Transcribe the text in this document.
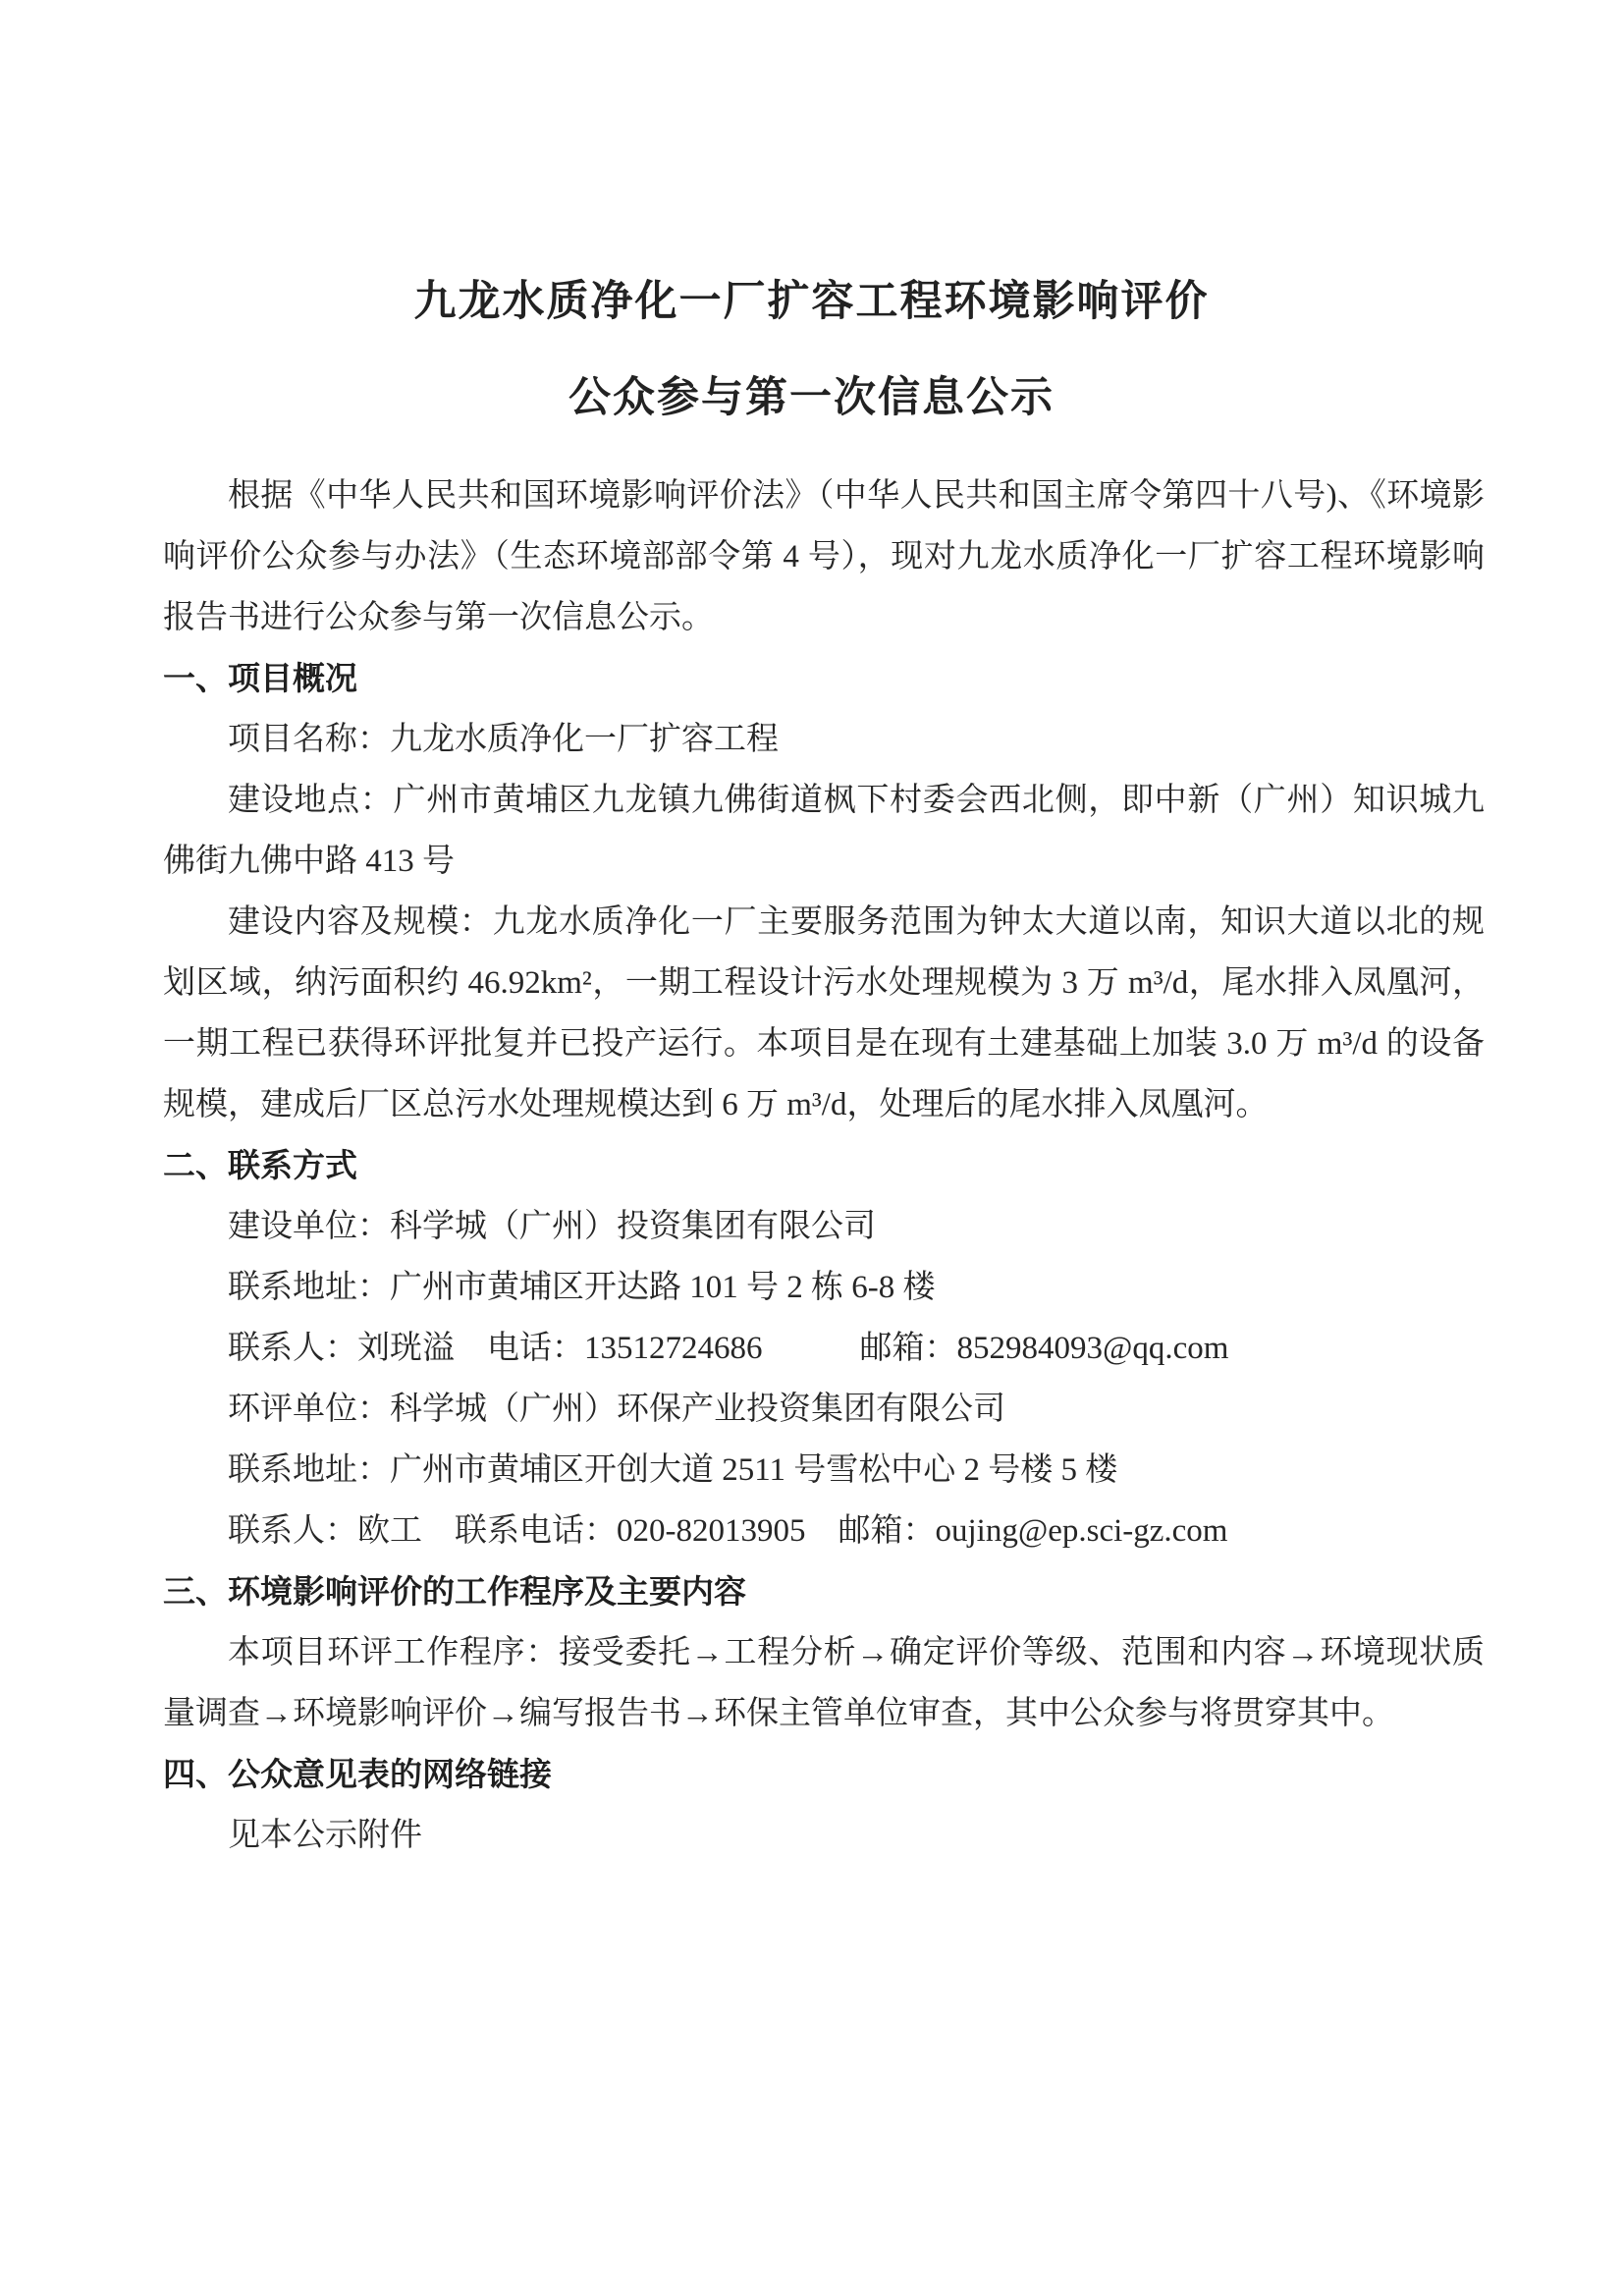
九龙水质净化一厂扩容工程环境影响评价
公众参与第一次信息公示

根据《中华人民共和国环境影响评价法》（中华人民共和国主席令第四十八号)、《环境影响评价公众参与办法》（生态环境部部令第 4 号），现对九龙水质净化一厂扩容工程环境影响报告书进行公众参与第一次信息公示。

一、项目概况

项目名称：九龙水质净化一厂扩容工程

建设地点：广州市黄埔区九龙镇九佛街道枫下村委会西北侧，即中新（广州）知识城九佛街九佛中路 413 号

建设内容及规模：九龙水质净化一厂主要服务范围为钟太大道以南，知识大道以北的规划区域，纳污面积约 46.92km²，一期工程设计污水处理规模为 3 万 m³/d，尾水排入凤凰河，一期工程已获得环评批复并已投产运行。本项目是在现有土建基础上加装 3.0 万 m³/d 的设备规模，建成后厂区总污水处理规模达到 6 万 m³/d，处理后的尾水排入凤凰河。

二、联系方式

建设单位：科学城（广州）投资集团有限公司

联系地址：广州市黄埔区开达路 101 号 2 栋 6-8 楼

联系人：刘珖溢　电话：13512724686　　　邮箱：852984093@qq.com

环评单位：科学城（广州）环保产业投资集团有限公司

联系地址：广州市黄埔区开创大道 2511 号雪松中心 2 号楼 5 楼

联系人：欧工　联系电话：020-82013905　邮箱：oujing@ep.sci-gz.com

三、环境影响评价的工作程序及主要内容

本项目环评工作程序：接受委托→工程分析→确定评价等级、范围和内容→环境现状质量调查→环境影响评价→编写报告书→环保主管单位审查，其中公众参与将贯穿其中。

四、公众意见表的网络链接

见本公示附件
